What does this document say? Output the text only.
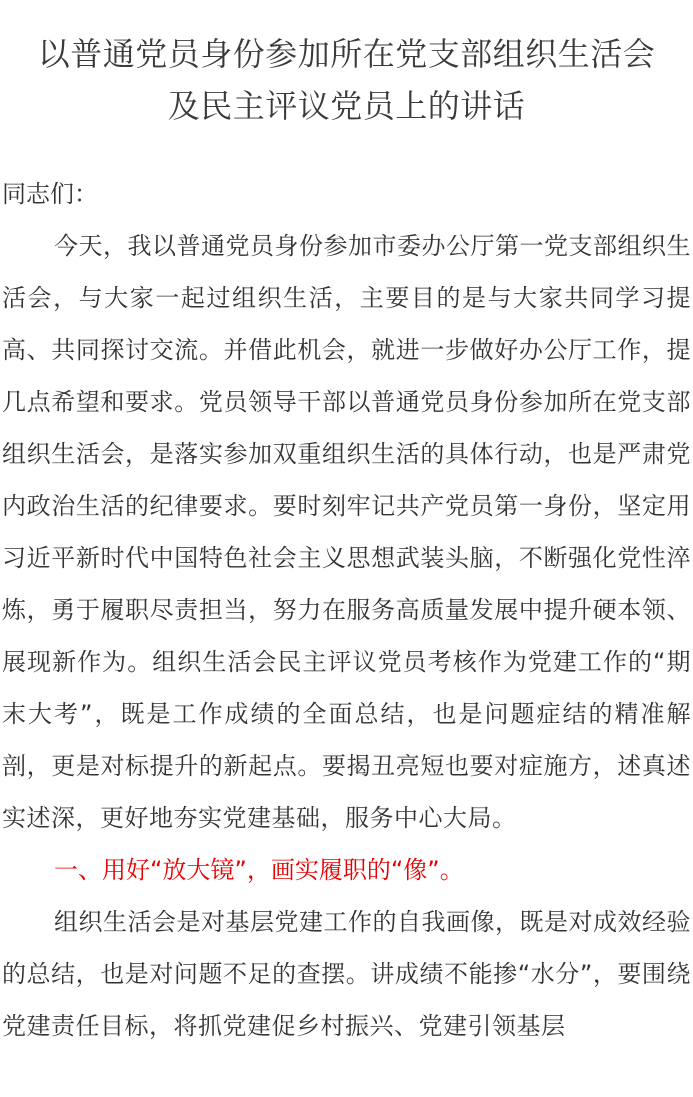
以普通党员身份参加所在党支部组织生活会
及民主评议党员上的讲话

同志们：

今天，我以普通党员身份参加市委办公厅第一党支部组织生活会，与大家一起过组织生活，主要目的是与大家共同学习提高、共同探讨交流。并借此机会，就进一步做好办公厅工作，提几点希望和要求。党员领导干部以普通党员身份参加所在党支部组织生活会，是落实参加双重组织生活的具体行动，也是严肃党内政治生活的纪律要求。要时刻牢记共产党员第一身份，坚定用习近平新时代中国特色社会主义思想武装头脑，不断强化党性淬炼，勇于履职尽责担当，努力在服务高质量发展中提升硬本领、展现新作为。组织生活会民主评议党员考核作为党建工作的“期末大考”，既是工作成绩的全面总结，也是问题症结的精准解剖，更是对标提升的新起点。要揭丑亮短也要对症施方，述真述实述深，更好地夯实党建基础，服务中心大局。

一、用好“放大镜”，画实履职的“像”。

组织生活会是对基层党建工作的自我画像，既是对成效经验的总结，也是对问题不足的查摆。讲成绩不能掺“水分”，要围绕党建责任目标，将抓党建促乡村振兴、党建引领基层
